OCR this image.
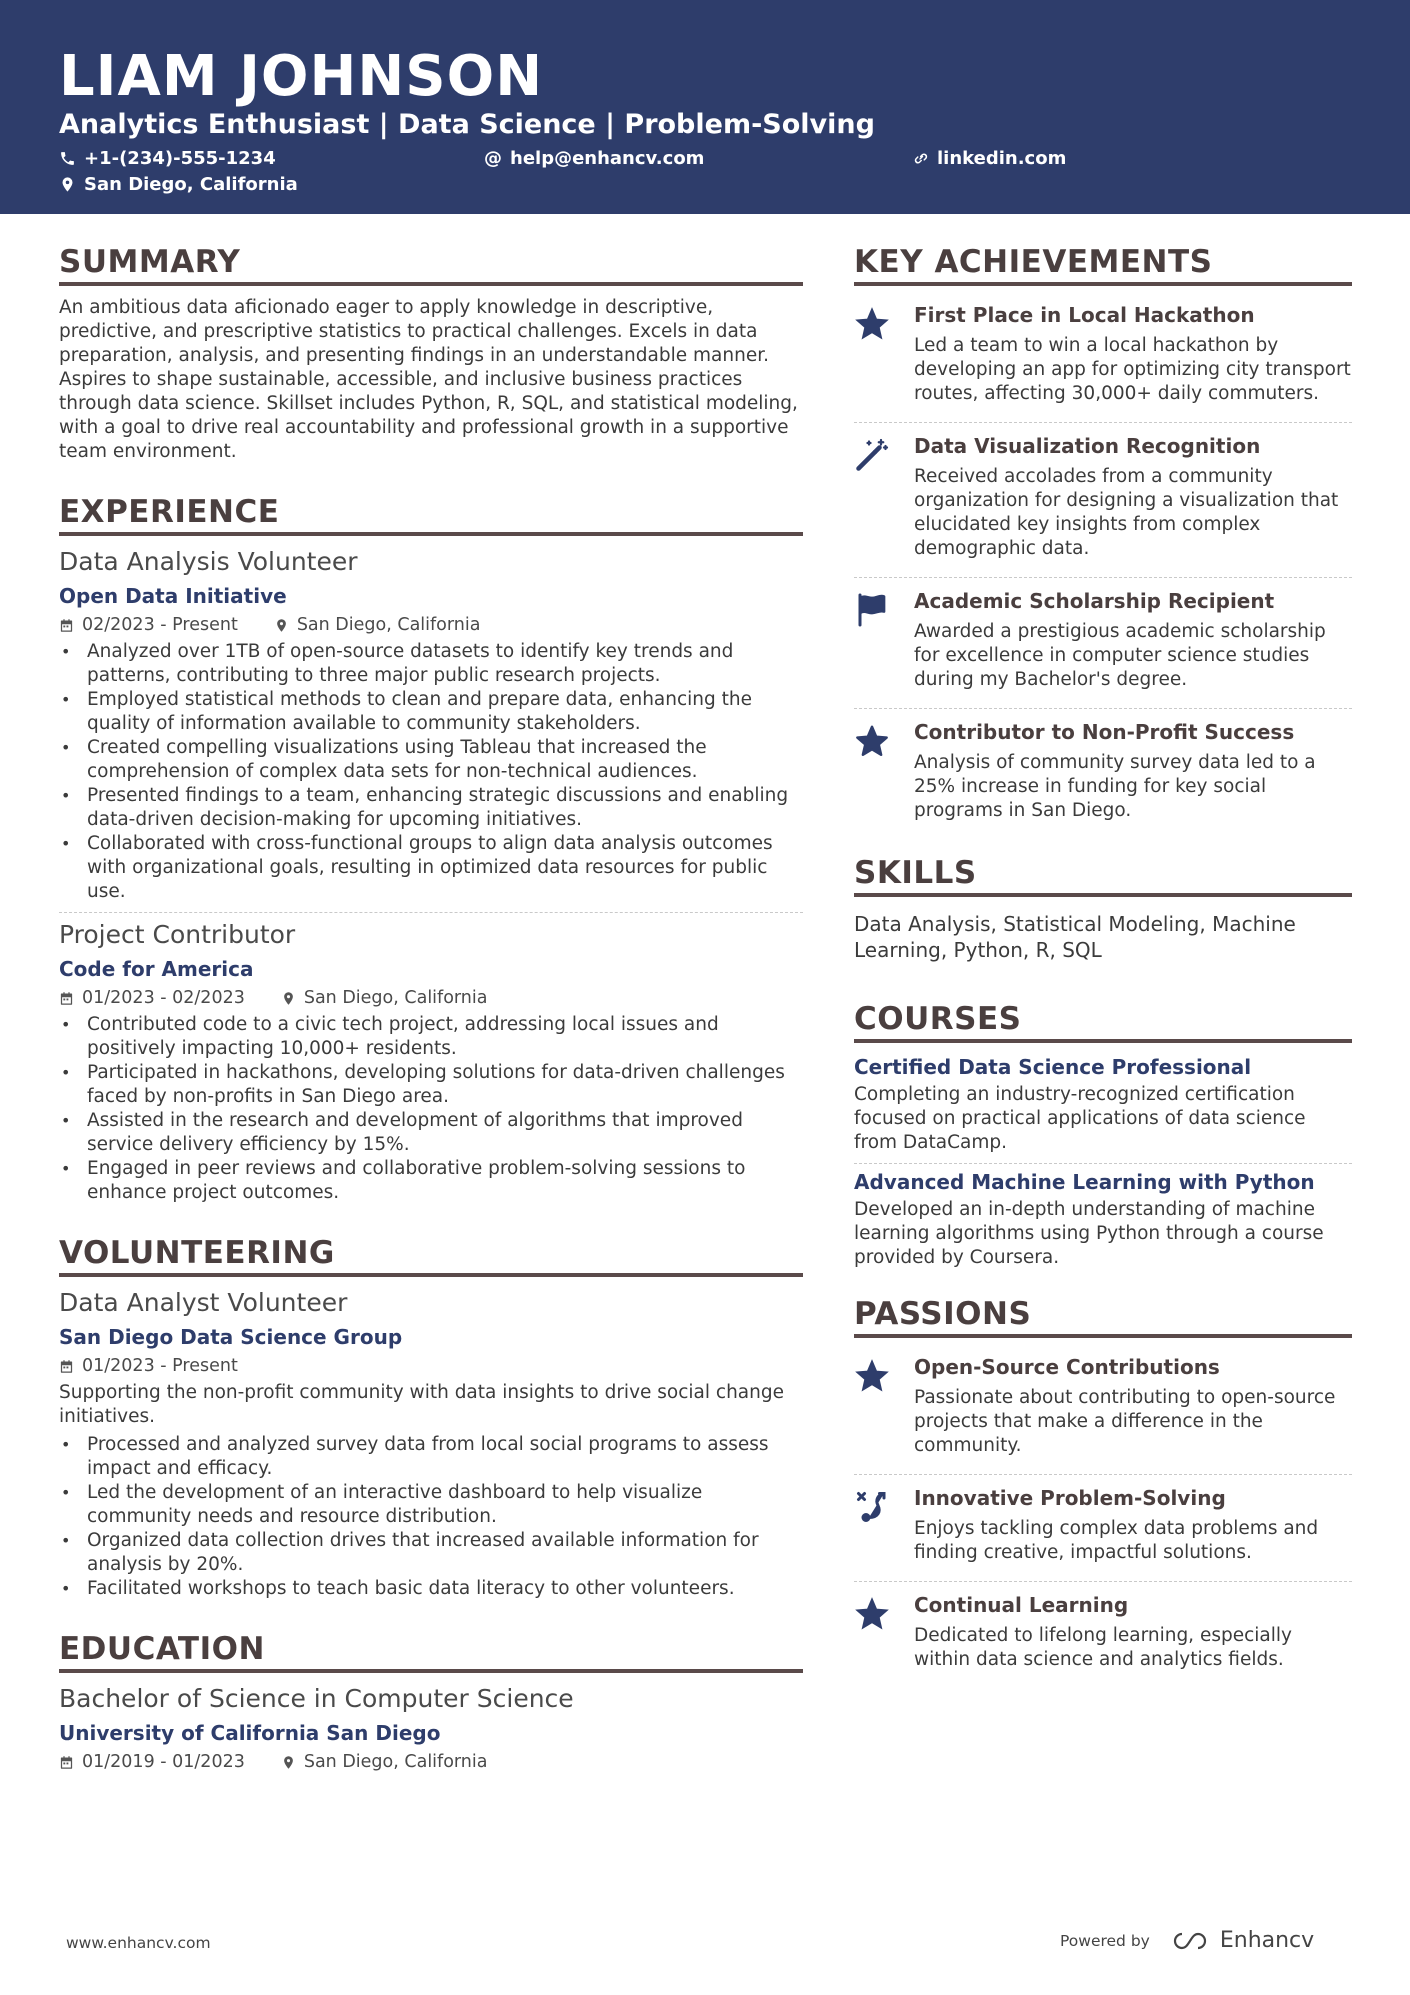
LIAM JOHNSON
Analytics Enthusiast | Data Science | Problem-Solving
+1-(234)-555-1234	@ help@enhancv.com	linkedin.com
San Diego, California
SUMMARY
An ambitious data aficionado eager to apply knowledge in descriptive, predictive, and prescriptive statistics to practical challenges. Excels in data preparation, analysis, and presenting findings in an understandable manner. Aspires to shape sustainable, accessible, and inclusive business practices through data science. Skillset includes Python, R, SQL, and statistical modeling, with a goal to drive real accountability and professional growth in a supportive team environment.
EXPERIENCE
Data Analysis Volunteer
Open Data Initiative
02/2023 - Present	San Diego, California
• Analyzed over 1TB of open-source datasets to identify key trends and patterns, contributing to three major public research projects.
• Employed statistical methods to clean and prepare data, enhancing the quality of information available to community stakeholders.
• Created compelling visualizations using Tableau that increased the comprehension of complex data sets for non-technical audiences.
• Presented findings to a team, enhancing strategic discussions and enabling data-driven decision-making for upcoming initiatives.
• Collaborated with cross-functional groups to align data analysis outcomes with organizational goals, resulting in optimized data resources for public use.
Project Contributor
Code for America
01/2023 - 02/2023	San Diego, California
• Contributed code to a civic tech project, addressing local issues and positively impacting 10,000+ residents.
• Participated in hackathons, developing solutions for data-driven challenges faced by non-profits in San Diego area.
• Assisted in the research and development of algorithms that improved service delivery efficiency by 15%.
• Engaged in peer reviews and collaborative problem-solving sessions to enhance project outcomes.
VOLUNTEERING
Data Analyst Volunteer
San Diego Data Science Group
01/2023 - Present
Supporting the non-profit community with data insights to drive social change initiatives.
• Processed and analyzed survey data from local social programs to assess impact and efficacy.
• Led the development of an interactive dashboard to help visualize community needs and resource distribution.
• Organized data collection drives that increased available information for analysis by 20%.
• Facilitated workshops to teach basic data literacy to other volunteers.
EDUCATION
Bachelor of Science in Computer Science
University of California San Diego
01/2019 - 01/2023	San Diego, California
KEY ACHIEVEMENTS
First Place in Local Hackathon
Led a team to win a local hackathon by developing an app for optimizing city transport routes, affecting 30,000+ daily commuters.
Data Visualization Recognition
Received accolades from a community organization for designing a visualization that elucidated key insights from complex demographic data.
Academic Scholarship Recipient
Awarded a prestigious academic scholarship for excellence in computer science studies during my Bachelor's degree.
Contributor to Non-Profit Success
Analysis of community survey data led to a 25% increase in funding for key social programs in San Diego.
SKILLS
Data Analysis, Statistical Modeling, Machine Learning, Python, R, SQL
COURSES
Certified Data Science Professional
Completing an industry-recognized certification focused on practical applications of data science from DataCamp.
Advanced Machine Learning with Python
Developed an in-depth understanding of machine learning algorithms using Python through a course provided by Coursera.
PASSIONS
Open-Source Contributions
Passionate about contributing to open-source projects that make a difference in the community.
Innovative Problem-Solving
Enjoys tackling complex data problems and finding creative, impactful solutions.
Continual Learning
Dedicated to lifelong learning, especially within data science and analytics fields.
www.enhancv.com	Powered by	Enhancv
